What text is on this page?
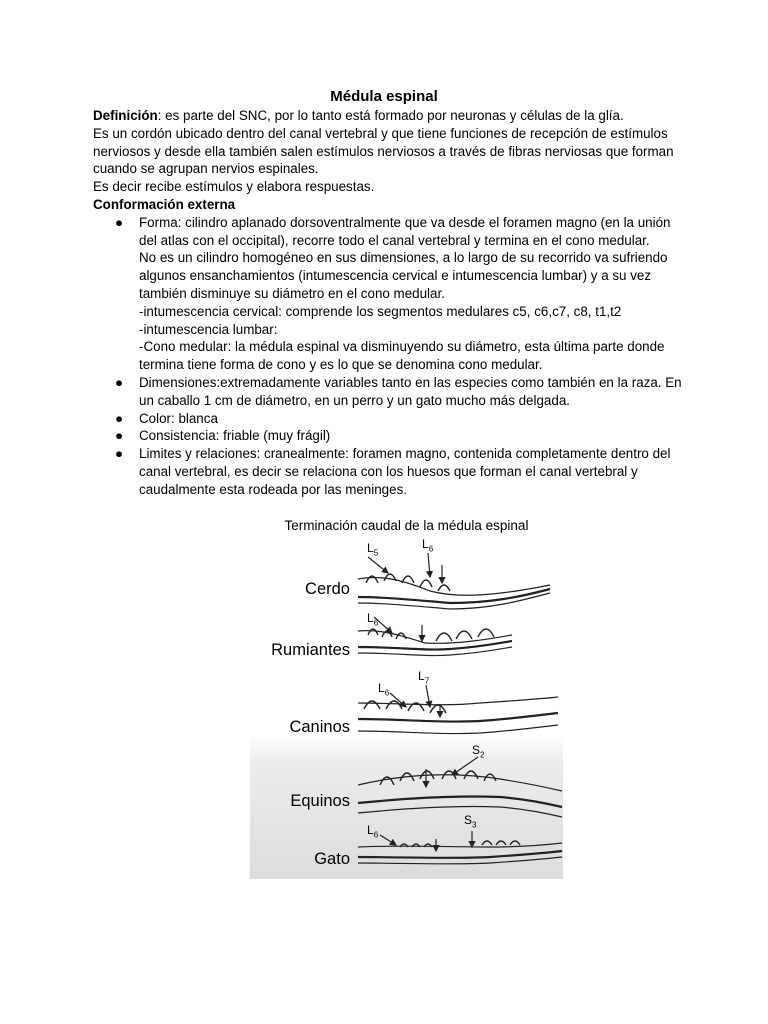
Médula espinal

Definición: es parte del SNC, por lo tanto está formado por neuronas y células de la glía.

Es un cordón ubicado dentro del canal vertebral y que tiene funciones de recepción de estímulos nerviosos y desde ella también salen estímulos nerviosos a través de fibras nerviosas que forman cuando se agrupan nervios espinales.

Es decir recibe estímulos y elabora respuestas.

Conformación externa

● Forma: cilindro aplanado dorsoventralmente que va desde el foramen magno (en la unión del atlas con el occipital), recorre todo el canal vertebral y termina en el cono medular.

No es un cilindro homogéneo en sus dimensiones, a lo largo de su recorrido va sufriendo algunos ensanchamientos (intumescencia cervical e intumescencia lumbar) y a su vez también disminuye su diámetro en el cono medular.

-intumescencia cervical: comprende los segmentos medulares c5, c6,c7, c8, t1,t2

-intumescencia lumbar:

-Cono medular: la médula espinal va disminuyendo su diámetro, esta última parte donde termina tiene forma de cono y es lo que se denomina cono medular.

● Dimensiones:extremadamente variables tanto en las especies como también en la raza. En un caballo 1 cm de diámetro, en un perro y un gato mucho más delgada.

● Color: blanca

● Consistencia: friable (muy frágil)

● Limites y relaciones: cranealmente: foramen magno, contenida completamente dentro del canal vertebral, es decir se relaciona con los huesos que forman el canal vertebral y caudalmente esta rodeada por las meninges.

Terminación caudal de la médula espinal
Cerdo
Rumiantes
Caninos
Equinos
Gato
$L_5$
$L_6$
$L_6$
$L_6$
$L_7$
$S_2$
$L_6$
$S_3$
